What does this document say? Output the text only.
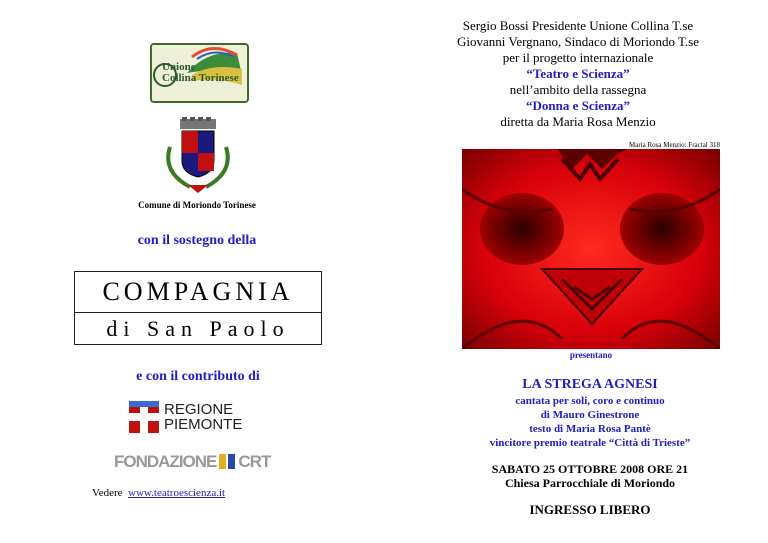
Unione
Collina Torinese
Comune di Moriondo Torinese
con il sostegno della
COMPAGNIA
di San Paolo
e con il contributo di
REGIONE
PIEMONTE
FONDAZIONE CRT
Vedere www.teatroescienza.it
Sergio Bossi Presidente Unione Collina T.se
Giovanni Vergnano, Sindaco di Moriondo T.se
per il progetto internazionale
“Teatro e Scienza”
nell’ambito della rassegna
“Donna e Scienza”
diretta da Maria Rosa Menzio
Maria Rosa Menzio: Fractal 318
presentano
LA STREGA AGNESI
cantata per soli, coro e continuo
di Mauro Ginestrone
testo di Maria Rosa Pantè
vincitore premio teatrale “Città di Trieste”
SABATO 25 OTTOBRE 2008 ORE 21
Chiesa Parrocchiale di Moriondo
INGRESSO LIBERO
